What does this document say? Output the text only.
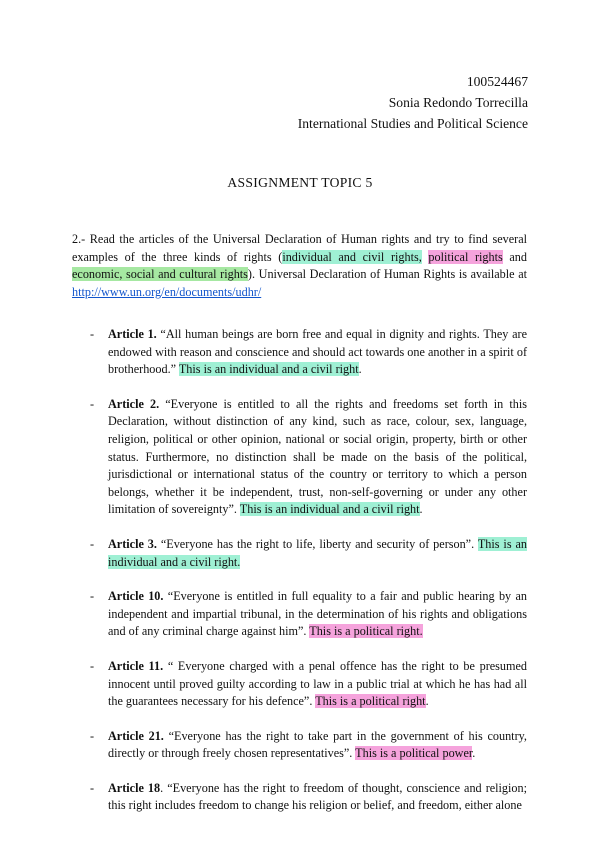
100524467
Sonia Redondo Torrecilla
International Studies and Political Science
ASSIGNMENT TOPIC 5
2.- Read the articles of the Universal Declaration of Human rights and try to find several examples of the three kinds of rights (individual and civil rights, political rights and economic, social and cultural rights). Universal Declaration of Human Rights is available at http://www.un.org/en/documents/udhr/
- Article 1. “All human beings are born free and equal in dignity and rights. They are endowed with reason and conscience and should act towards one another in a spirit of brotherhood.” This is an individual and a civil right.
- Article 2. “Everyone is entitled to all the rights and freedoms set forth in this Declaration, without distinction of any kind, such as race, colour, sex, language, religion, political or other opinion, national or social origin, property, birth or other status. Furthermore, no distinction shall be made on the basis of the political, jurisdictional or international status of the country or territory to which a person belongs, whether it be independent, trust, non-self-governing or under any other limitation of sovereignty”. This is an individual and a civil right.
- Article 3. “Everyone has the right to life, liberty and security of person”. This is an individual and a civil right.
- Article 10. “Everyone is entitled in full equality to a fair and public hearing by an independent and impartial tribunal, in the determination of his rights and obligations and of any criminal charge against him”. This is a political right.
- Article 11. “ Everyone charged with a penal offence has the right to be presumed innocent until proved guilty according to law in a public trial at which he has had all the guarantees necessary for his defence”. This is a political right.
- Article 21. “Everyone has the right to take part in the government of his country, directly or through freely chosen representatives”. This is a political power.
- Article 18. “Everyone has the right to freedom of thought, conscience and religion; this right includes freedom to change his religion or belief, and freedom, either alone
